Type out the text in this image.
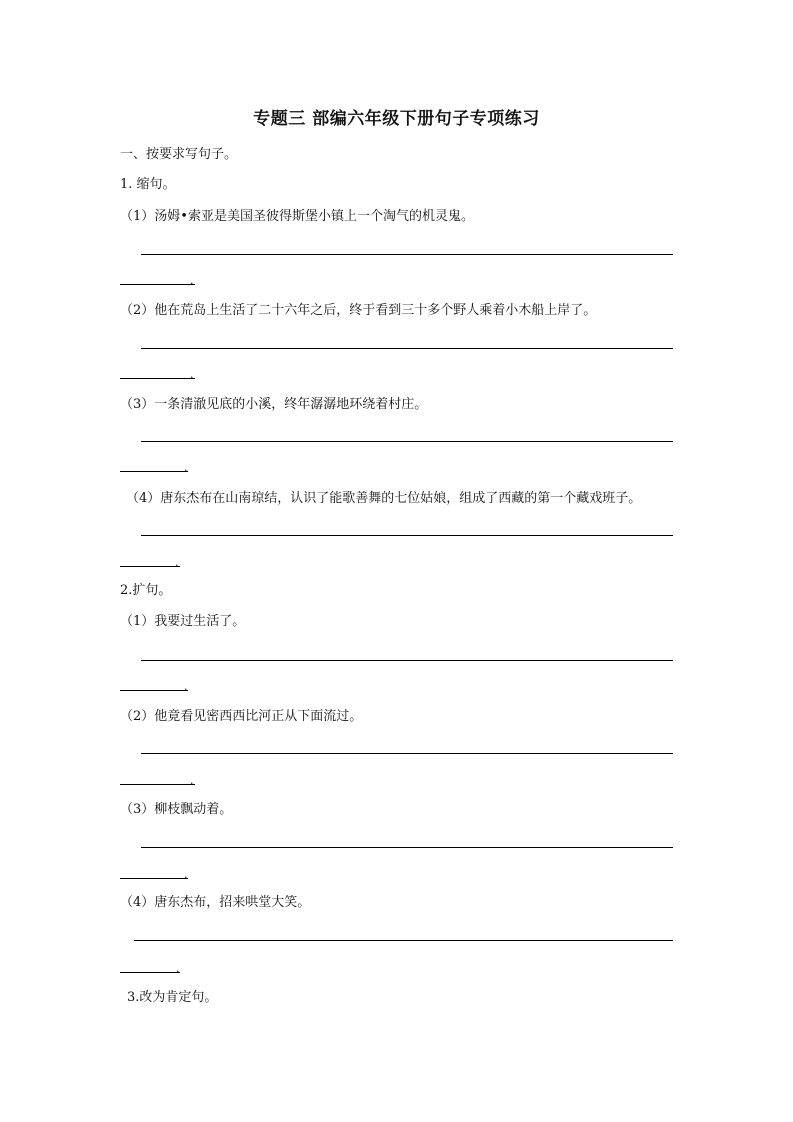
专题三 部编六年级下册句子专项练习

一、按要求写句子。

1. 缩句。

（1）汤姆•索亚是美国圣彼得斯堡小镇上一个淘气的机灵鬼。

.

（2）他在荒岛上生活了二十六年之后，终于看到三十多个野人乘着小木船上岸了。

.

（3）一条清澈见底的小溪，终年潺潺地环绕着村庄。

.

（4）唐东杰布在山南琼结，认识了能歌善舞的七位姑娘，组成了西藏的第一个藏戏班子。

.

2.扩句。

（1）我要过生活了。

.

（2）他竟看见密西西比河正从下面流过。

.

（3）柳枝飘动着。

.

（4）唐东杰布，招来哄堂大笑。

.

3.改为肯定句。
